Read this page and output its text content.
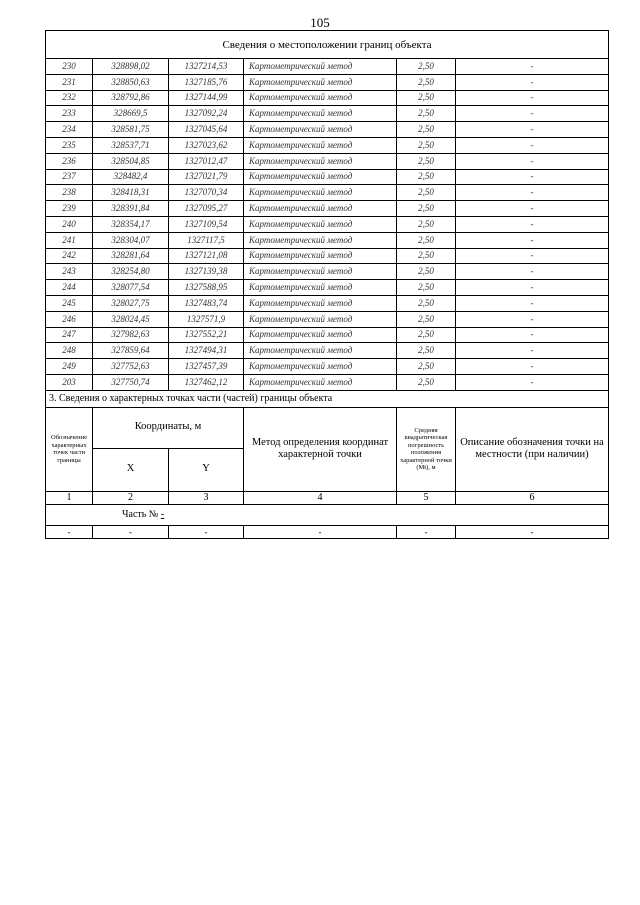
105
Сведения о местоположении границ объекта					
230	328898,02	1327214,53	Картометрический метод	2,50	-
231	328850,63	1327185,76	Картометрический метод	2,50	-
232	328792,86	1327144,99	Картометрический метод	2,50	-
233	328669,5	1327092,24	Картометрический метод	2,50	-
234	328581,75	1327045,64	Картометрический метод	2,50	-
235	328537,71	1327023,62	Картометрический метод	2,50	-
236	328504,85	1327012,47	Картометрический метод	2,50	-
237	328482,4	1327021,79	Картометрический метод	2,50	-
238	328418,31	1327070,34	Картометрический метод	2,50	-
239	328391,84	1327095,27	Картометрический метод	2,50	-
240	328354,17	1327109,54	Картометрический метод	2,50	-
241	328304,07	1327117,5	Картометрический метод	2,50	-
242	328281,64	1327121,08	Картометрический метод	2,50	-
243	328254,80	1327139,38	Картометрический метод	2,50	-
244	328077,54	1327588,95	Картометрический метод	2,50	-
245	328027,75	1327483,74	Картометрический метод	2,50	-
246	328024,45	1327571,9	Картометрический метод	2,50	-
247	327982,63	1327552,21	Картометрический метод	2,50	-
248	327859,64	1327494,31	Картометрический метод	2,50	-
249	327752,63	1327457,39	Картометрический метод	2,50	-
203	327750,74	1327462,12	Картометрический метод	2,50	-
3. Сведения о характерных точках части (частей) границы объекта					
Обозначение характерных точек части границы	Координаты, м		Метод определения координат характерной точки	Средняя квадратическая погрешность положения характерной точки (Mt), м	Описание обозначения точки на местности (при наличии)
	X	Y			
1	2	3	4	5	6
Часть № -					
-	-	-	-	-	-
